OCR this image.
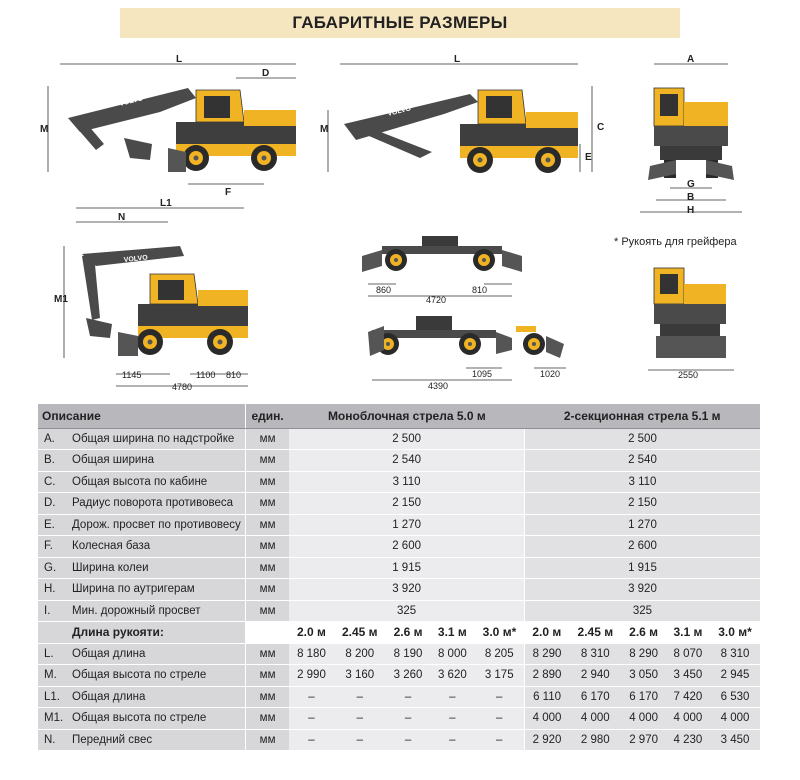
ГАБАРИТНЫЕ РАЗМЕРЫ
L
D
M
F
VOLVO
L
C
M
E
VOLVO
A
G
B
H
L1
N
M1
VOLVO
1145	1100 810
4780
860	810
4720
1095	1020
4390
2550
* Рукоять для грейфера
Описание	един.	Моноблочная стрела 5.0 м					2-секционная стрела 5.1 м				
A. Общая ширина по надстройке	мм	2 500					2 500				
B. Общая ширина	мм	2 540					2 540				
C. Общая высота по кабине	мм	3 110					3 110				
D. Радиус поворота противовеса	мм	2 150					2 150				
E. Дорож. просвет по противовесу	мм	1 270					1 270				
F. Колесная база	мм	2 600					2 600				
G. Ширина колеи	мм	1 915					1 915				
H. Ширина по аутригерам	мм	3 920					3 920				
I. Мин. дорожный просвет	мм	325					325				
Длина рукояти:		2.0 м	2.45 м	2.6 м	3.1 м	3.0 м*	2.0 м	2.45 м	2.6 м	3.1 м	3.0 м*
L. Общая длина	мм	8 180	8 200	8 190	8 000	8 205	8 290	8 310	8 290	8 070	8 310
M. Общая высота по стреле	мм	2 990	3 160	3 260	3 620	3 175	2 890	2 940	3 050	3 450	2 945
L1. Общая длина	мм	–	–	–	–	–	6 110	6 170	6 170	7 420	6 530
M1. Общая высота по стреле	мм	–	–	–	–	–	4 000	4 000	4 000	4 000	4 000
N. Передний свес	мм	–	–	–	–	–	2 920	2 980	2 970	4 230	3 450
